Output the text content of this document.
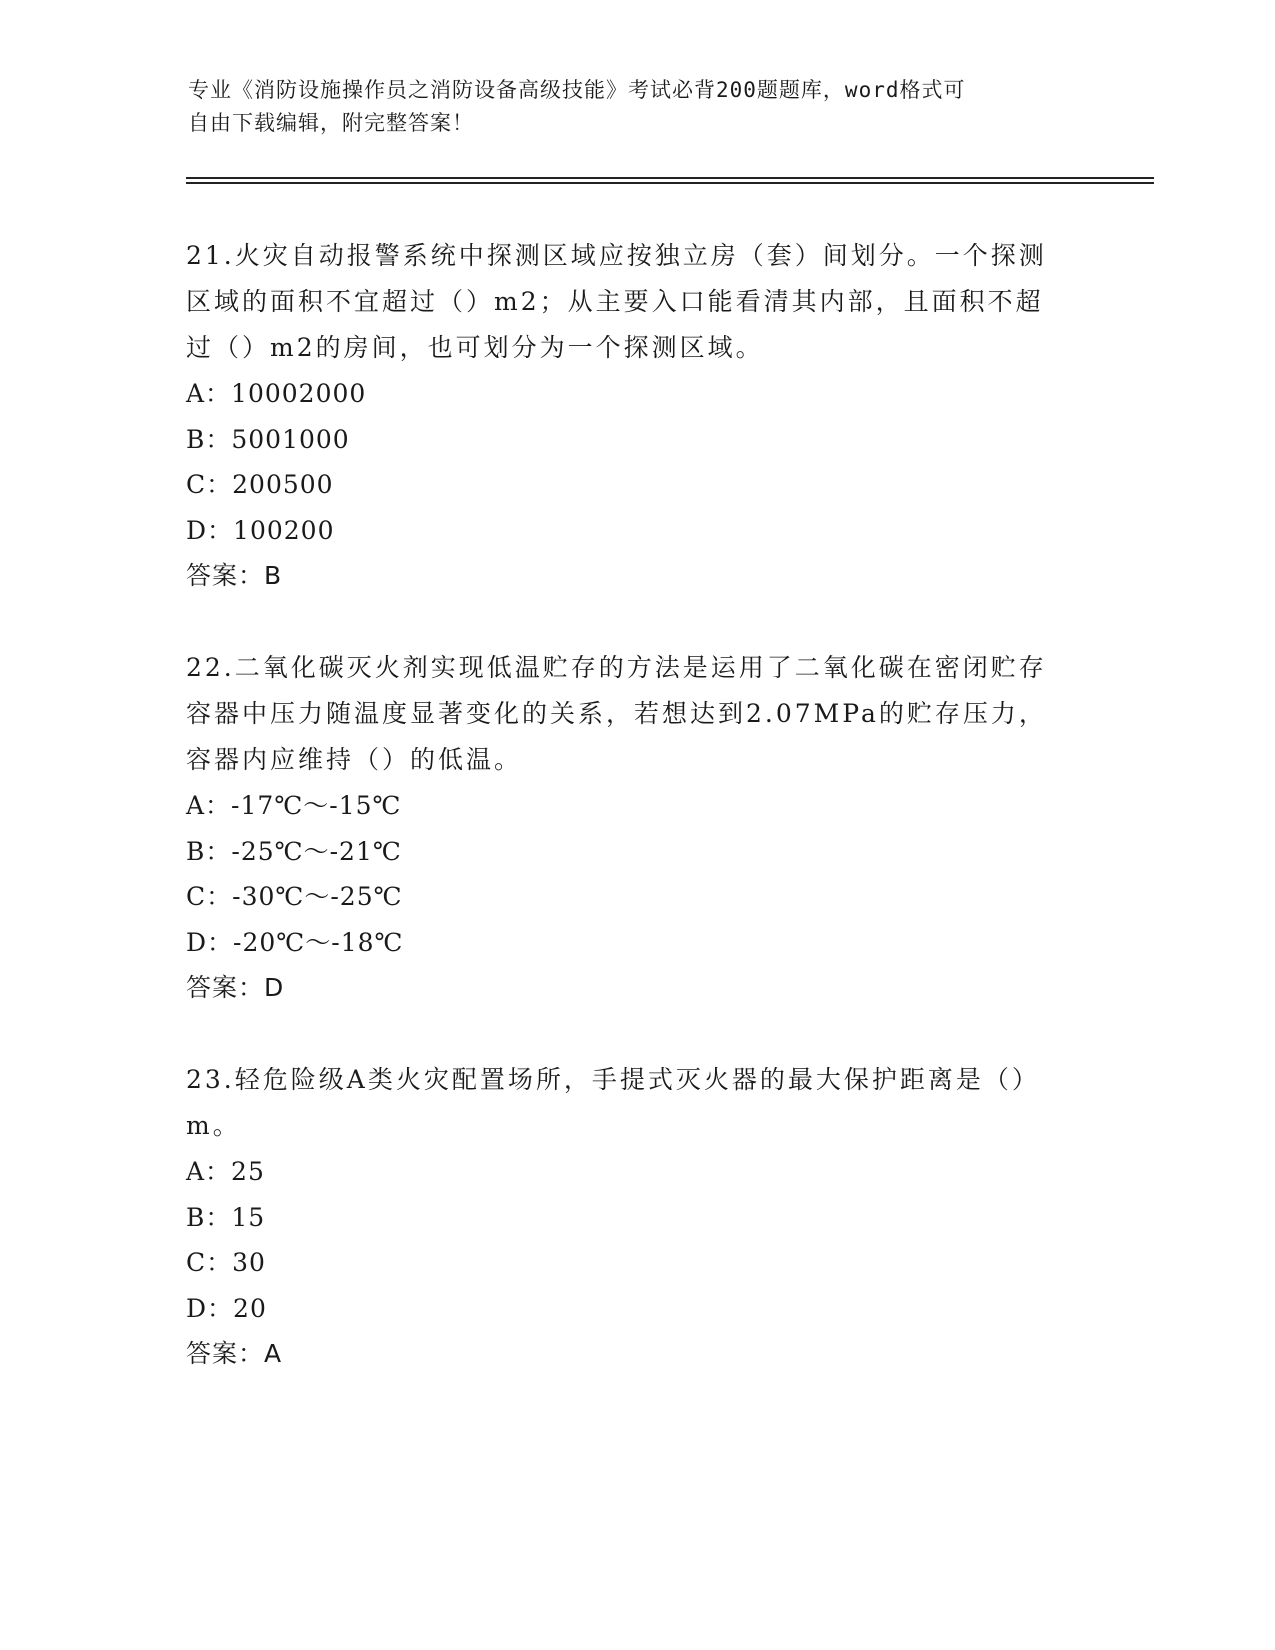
专业《消防设施操作员之消防设备高级技能》考试必背200题题库，word格式可
自由下载编辑，附完整答案！
21.火灾自动报警系统中探测区域应按独立房（套）间划分。一个探测
区域的面积不宜超过（）m2；从主要入口能看清其内部，且面积不超
过（）m2的房间，也可划分为一个探测区域。
A：10002000
B：5001000
C：200500
D：100200
答案：B
22.二氧化碳灭火剂实现低温贮存的方法是运用了二氧化碳在密闭贮存
容器中压力随温度显著变化的关系，若想达到2.07MPa的贮存压力，
容器内应维持（）的低温。
A：-17℃～-15℃
B：-25℃～-21℃
C：-30℃～-25℃
D：-20℃～-18℃
答案：D
23.轻危险级A类火灾配置场所，手提式灭火器的最大保护距离是（）
m。
A：25
B：15
C：30
D：20
答案：A
